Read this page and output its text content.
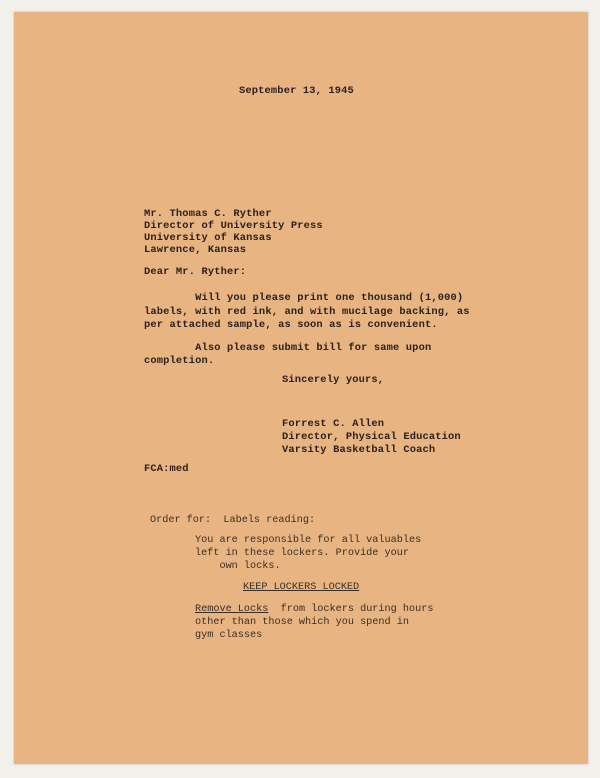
September 13, 1945
Mr. Thomas C. Ryther
Director of University Press
University of Kansas
Lawrence, Kansas
Dear Mr. Ryther:
Will you please print one thousand (1,000)
labels, with red ink, and with mucilage backing, as
per attached sample, as soon as is convenient.
Also please submit bill for same upon
completion.
Sincerely yours,
Forrest C. Allen
Director, Physical Education
Varsity Basketball Coach
FCA:med
Order for:  Labels reading:
You are responsible for all valuables
left in these lockers. Provide your
own locks.
KEEP LOCKERS LOCKED
Remove Locks  from lockers during hours
other than those which you spend in
gym classes
